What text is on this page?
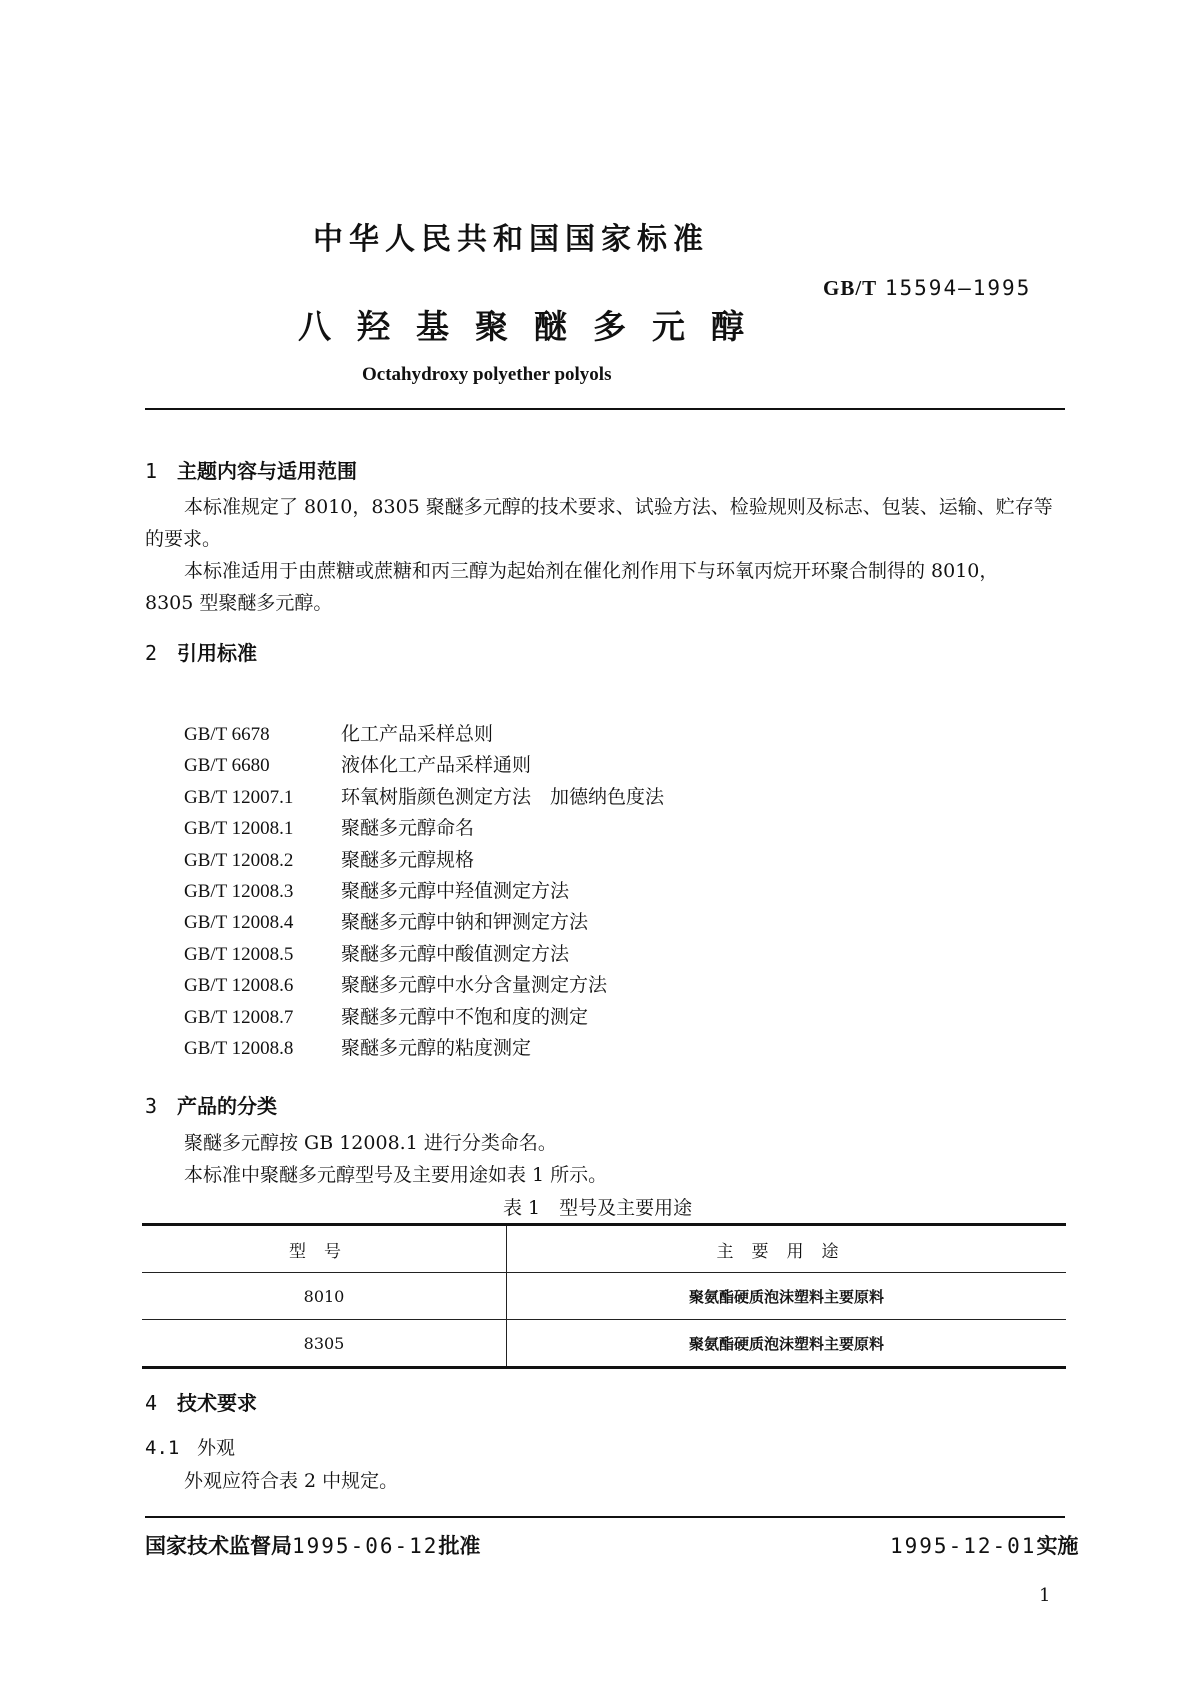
中华人民共和国国家标准
GB/T 15594—1995
八羟基聚醚多元醇
Octahydroxy polyether polyols
1 主题内容与适用范围
本标准规定了 8010，8305 聚醚多元醇的技术要求、试验方法、检验规则及标志、包装、运输、贮存等
的要求。
本标准适用于由蔗糖或蔗糖和丙三醇为起始剂在催化剂作用下与环氧丙烷开环聚合制得的 8010，
8305 型聚醚多元醇。
2 引用标准
GB/T 6678	化工产品采样总则
GB/T 6680	液体化工产品采样通则
GB/T 12007.1	环氧树脂颜色测定方法　加德纳色度法
GB/T 12008.1	聚醚多元醇命名
GB/T 12008.2	聚醚多元醇规格
GB/T 12008.3	聚醚多元醇中羟值测定方法
GB/T 12008.4	聚醚多元醇中钠和钾测定方法
GB/T 12008.5	聚醚多元醇中酸值测定方法
GB/T 12008.6	聚醚多元醇中水分含量测定方法
GB/T 12008.7	聚醚多元醇中不饱和度的测定
GB/T 12008.8	聚醚多元醇的粘度测定
3 产品的分类
聚醚多元醇按 GB 12008.1 进行分类命名。
本标准中聚醚多元醇型号及主要用途如表 1 所示。
表 1　型号及主要用途
型号	主要用途
8010	聚氨酯硬质泡沫塑料主要原料
8305	聚氨酯硬质泡沫塑料主要原料
4 技术要求
4.1 外观
外观应符合表 2 中规定。
国家技术监督局1995-06-12批准	1995-12-01实施
1
